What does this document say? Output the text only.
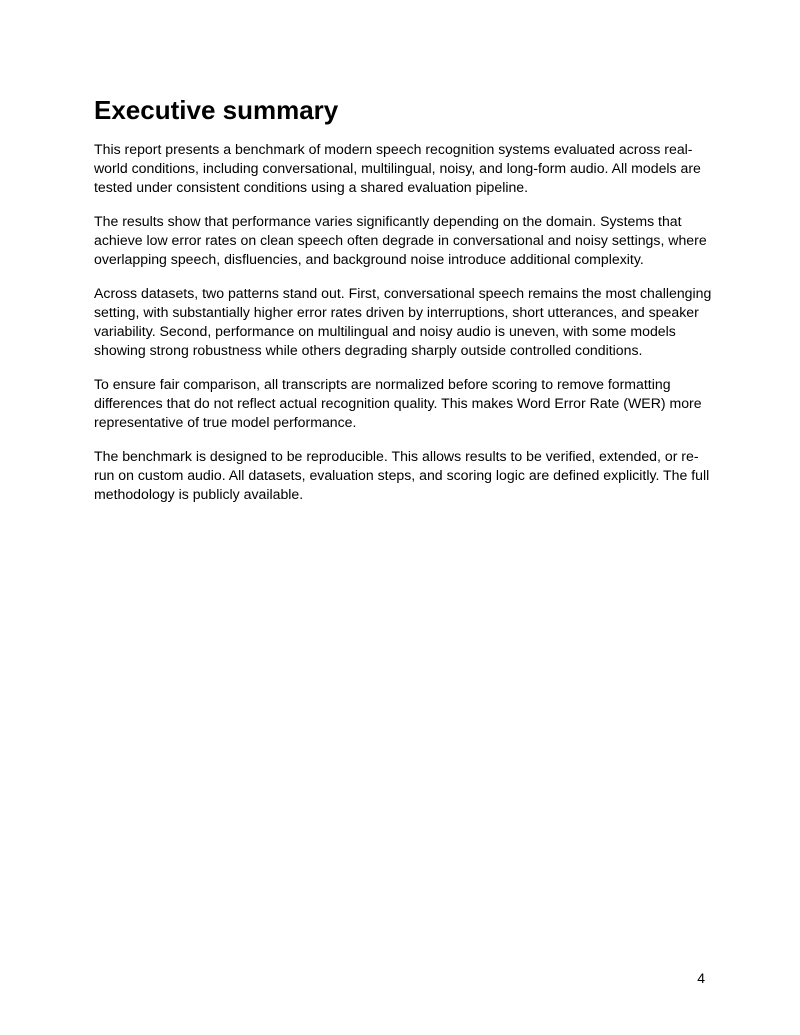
Executive summary

This report presents a benchmark of modern speech recognition systems evaluated across real-world conditions, including conversational, multilingual, noisy, and long-form audio. All models are tested under consistent conditions using a shared evaluation pipeline.

The results show that performance varies significantly depending on the domain. Systems that achieve low error rates on clean speech often degrade in conversational and noisy settings, where overlapping speech, disfluencies, and background noise introduce additional complexity.

Across datasets, two patterns stand out. First, conversational speech remains the most challenging setting, with substantially higher error rates driven by interruptions, short utterances, and speaker variability. Second, performance on multilingual and noisy audio is uneven, with some models showing strong robustness while others degrading sharply outside controlled conditions.

To ensure fair comparison, all transcripts are normalized before scoring to remove formatting differences that do not reflect actual recognition quality. This makes Word Error Rate (WER) more representative of true model performance.

The benchmark is designed to be reproducible. This allows results to be verified, extended, or re-run on custom audio. All datasets, evaluation steps, and scoring logic are defined explicitly. The full methodology is publicly available.

4
